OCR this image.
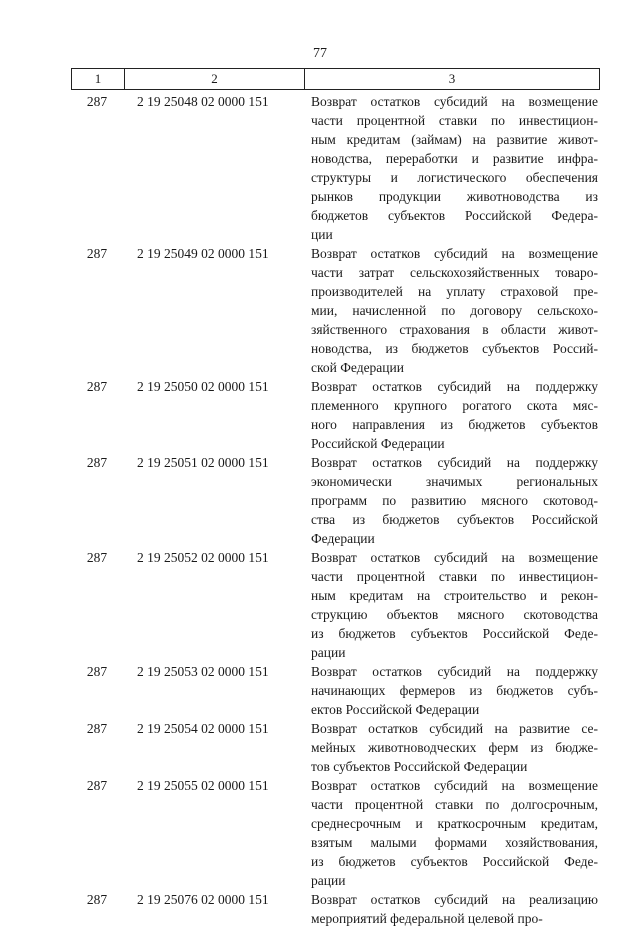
77
1	2	3
287	2 19 25048 02 0000 151	Возврат остатков субсидий на возмещение
части процентной ставки по инвестицион-
ным кредитам (займам) на развитие живот-
новодства, переработки и развитие инфра-
структуры и логистического обеспечения
рынков продукции животноводства из
бюджетов субъектов Российской Федера-
ции
287	2 19 25049 02 0000 151	Возврат остатков субсидий на возмещение
части затрат сельскохозяйственных товаро-
производителей на уплату страховой пре-
мии, начисленной по договору сельскохо-
зяйственного страхования в области живот-
новодства, из бюджетов субъектов Россий-
ской Федерации
287	2 19 25050 02 0000 151	Возврат остатков субсидий на поддержку
племенного крупного рогатого скота мяс-
ного направления из бюджетов субъектов
Российской Федерации
287	2 19 25051 02 0000 151	Возврат остатков субсидий на поддержку
экономически значимых региональных
программ по развитию мясного скотовод-
ства из бюджетов субъектов Российской
Федерации
287	2 19 25052 02 0000 151	Возврат остатков субсидий на возмещение
части процентной ставки по инвестицион-
ным кредитам на строительство и рекон-
струкцию объектов мясного скотоводства
из бюджетов субъектов Российской Феде-
рации
287	2 19 25053 02 0000 151	Возврат остатков субсидий на поддержку
начинающих фермеров из бюджетов субъ-
ектов Российской Федерации
287	2 19 25054 02 0000 151	Возврат остатков субсидий на развитие се-
мейных животноводческих ферм из бюдже-
тов субъектов Российской Федерации
287	2 19 25055 02 0000 151	Возврат остатков субсидий на возмещение
части процентной ставки по долгосрочным,
среднесрочным и краткосрочным кредитам,
взятым малыми формами хозяйствования,
из бюджетов субъектов Российской Феде-
рации
287	2 19 25076 02 0000 151	Возврат остатков субсидий на реализацию
мероприятий федеральной целевой про-
